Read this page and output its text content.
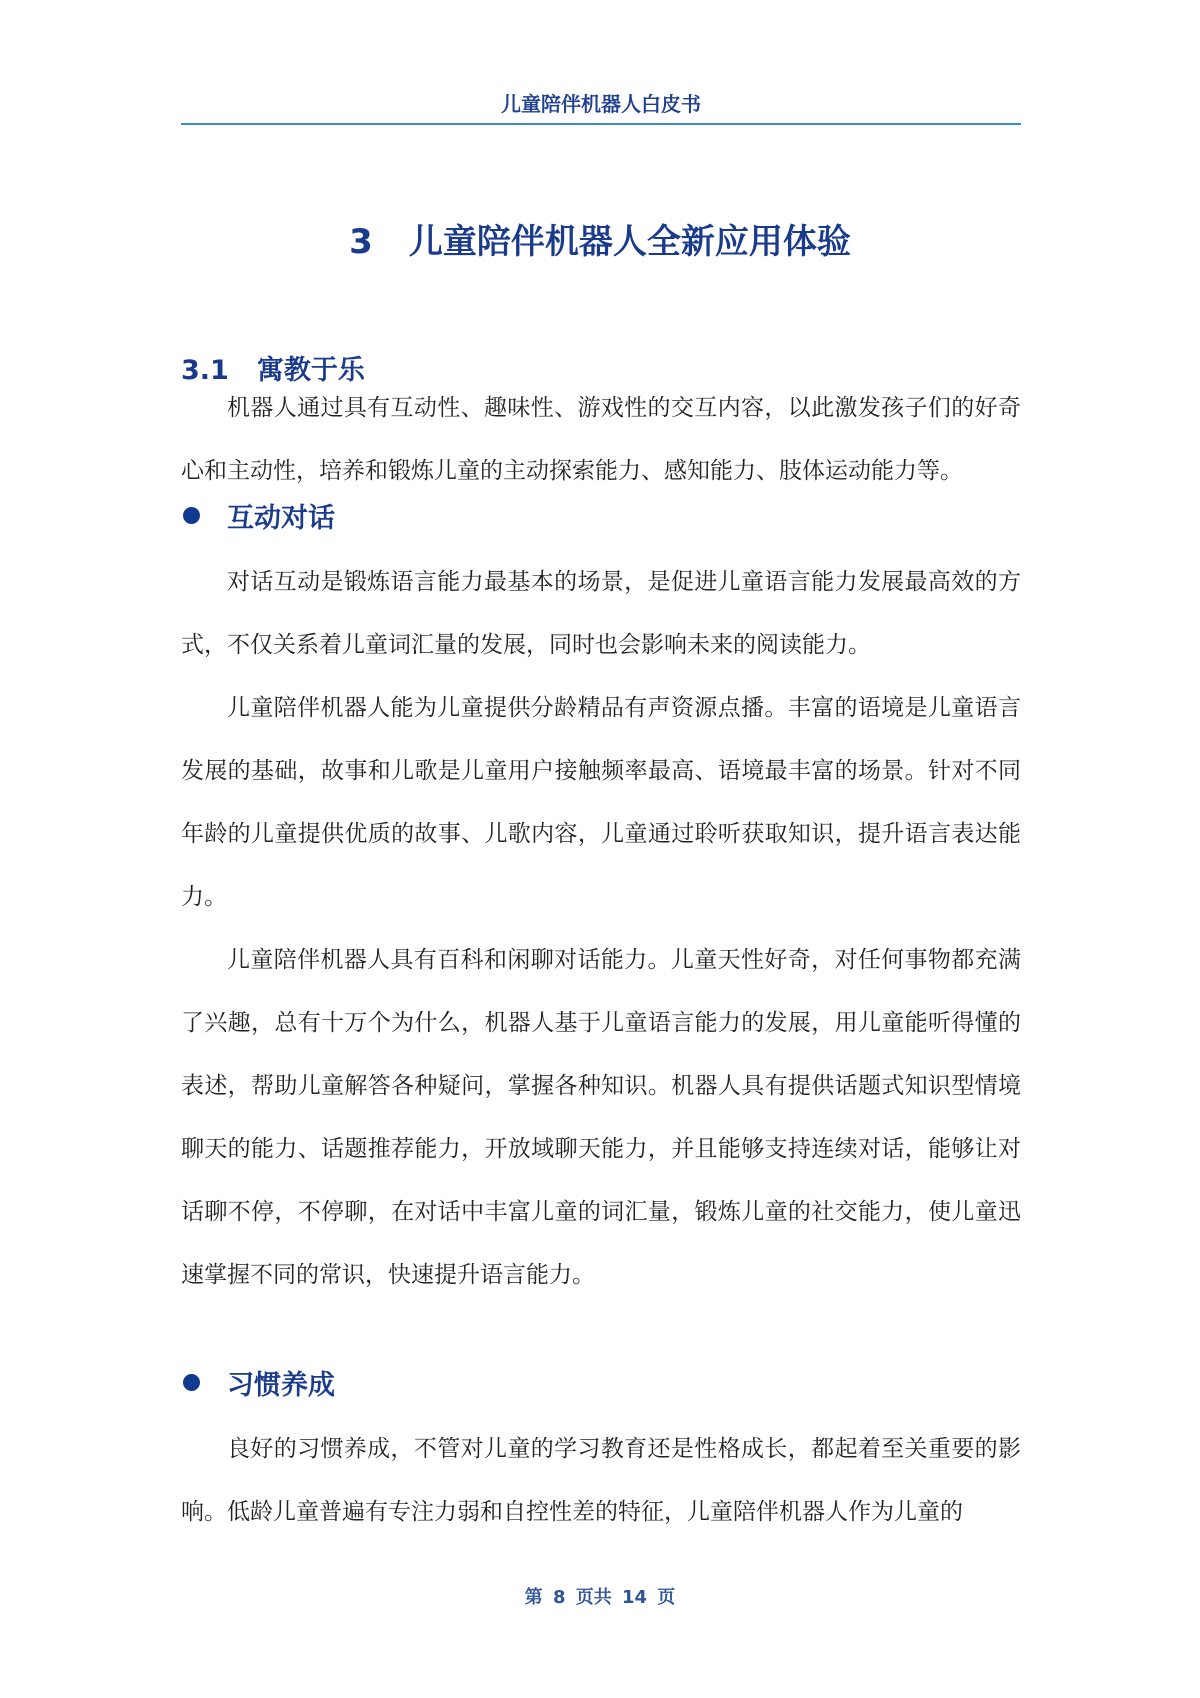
儿童陪伴机器人白皮书
3 儿童陪伴机器人全新应用体验
3.1 寓教于乐

机器人通过具有互动性、趣味性、游戏性的交互内容，以此激发孩子们的好奇心和主动性，培养和锻炼儿童的主动探索能力、感知能力、肢体运动能力等。

互动对话

对话互动是锻炼语言能力最基本的场景，是促进儿童语言能力发展最高效的方式，不仅关系着儿童词汇量的发展，同时也会影响未来的阅读能力。

儿童陪伴机器人能为儿童提供分龄精品有声资源点播。丰富的语境是儿童语言发展的基础，故事和儿歌是儿童用户接触频率最高、语境最丰富的场景。针对不同年龄的儿童提供优质的故事、儿歌内容，儿童通过聆听获取知识，提升语言表达能力。

儿童陪伴机器人具有百科和闲聊对话能力。儿童天性好奇，对任何事物都充满了兴趣，总有十万个为什么，机器人基于儿童语言能力的发展，用儿童能听得懂的表述，帮助儿童解答各种疑问，掌握各种知识。机器人具有提供话题式知识型情境聊天的能力、话题推荐能力，开放域聊天能力，并且能够支持连续对话，能够让对话聊不停，不停聊，在对话中丰富儿童的词汇量，锻炼儿童的社交能力，使儿童迅速掌握不同的常识，快速提升语言能力。

习惯养成

良好的习惯养成，不管对儿童的学习教育还是性格成长，都起着至关重要的影响。低龄儿童普遍有专注力弱和自控性差的特征，儿童陪伴机器人作为儿童的

第 8 页共 14 页
